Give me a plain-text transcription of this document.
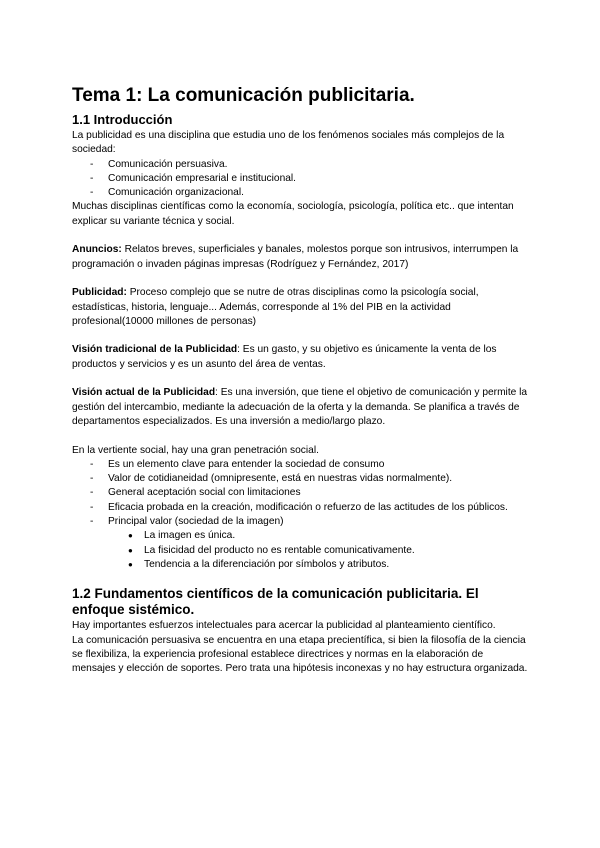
Tema 1: La comunicación publicitaria.
1.1 Introducción

La publicidad es una disciplina que estudia uno de los fenómenos sociales más complejos de la sociedad:

- Comunicación persuasiva.
- Comunicación empresarial e institucional.
- Comunicación organizacional.

Muchas disciplinas científicas como la economía, sociología, psicología, política etc.. que intentan explicar su variante técnica y social.

Anuncios: Relatos breves, superficiales y banales, molestos porque son intrusivos, interrumpen la programación o invaden páginas impresas (Rodríguez y Fernández, 2017)

Publicidad: Proceso complejo que se nutre de otras disciplinas como la psicología social, estadísticas, historia, lenguaje... Además, corresponde al 1% del PIB en la actividad profesional(10000 millones de personas)

Visión tradicional de la Publicidad: Es un gasto, y su objetivo es únicamente la venta de los productos y servicios y es un asunto del área de ventas.

Visión actual de la Publicidad: Es una inversión, que tiene el objetivo de comunicación y permite la gestión del intercambio, mediante la adecuación de la oferta y la demanda. Se planifica a través de departamentos especializados. Es una inversión a medio/largo plazo.

En la vertiente social, hay una gran penetración social.

- Es un elemento clave para entender la sociedad de consumo
- Valor de cotidianeidad (omnipresente, está en nuestras vidas normalmente).
- General aceptación social con limitaciones
- Eficacia probada en la creación, modificación o refuerzo de las actitudes de los públicos.
- Principal valor (sociedad de la imagen)
● La imagen es única.
● La fisicidad del producto no es rentable comunicativamente.
● Tendencia a la diferenciación por símbolos y atributos.
1.2 Fundamentos científicos de la comunicación publicitaria. El enfoque sistémico.

Hay importantes esfuerzos intelectuales para acercar la publicidad al planteamiento científico.

La comunicación persuasiva se encuentra en una etapa precientífica, si bien la filosofía de la ciencia se flexibiliza, la experiencia profesional establece directrices y normas en la elaboración de mensajes y elección de soportes. Pero trata una hipótesis inconexas y no hay estructura organizada.
